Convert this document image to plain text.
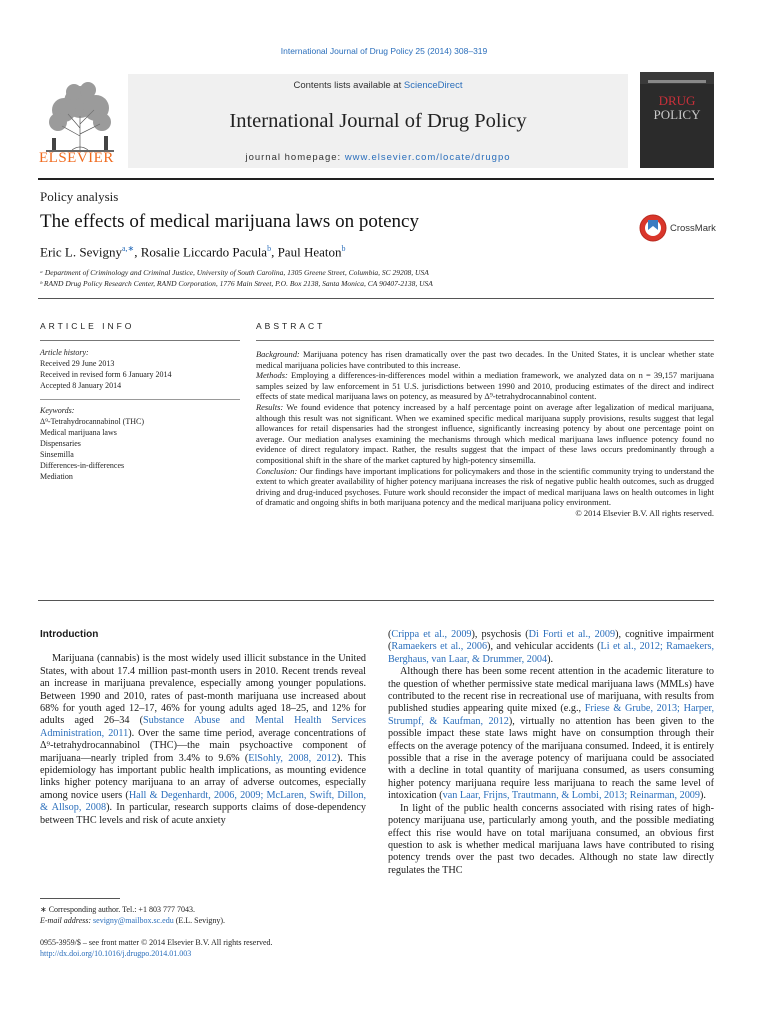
International Journal of Drug Policy 25 (2014) 308–319
ELSEVIER
Contents lists available at ScienceDirect
International Journal of Drug Policy
journal homepage: www.elsevier.com/locate/drugpo
DRUG
POLICY
Policy analysis
The effects of medical marijuana laws on potency
Eric L. Sevigny$^{a,∗}$, Rosalie Liccardo Pacula$^b$, Paul Heaton$^b$
CrossMark
ᵃ Department of Criminology and Criminal Justice, University of South Carolina, 1305 Greene Street, Columbia, SC 29208, USA
ᵇ RAND Drug Policy Research Center, RAND Corporation, 1776 Main Street, P.O. Box 2138, Santa Monica, CA 90407-2138, USA
ARTICLE INFO	ABSTRACT
Article history:
Received 29 June 2013
Received in revised form 6 January 2014
Accepted 8 January 2014
Keywords:
Δ⁹-Tetrahydrocannabinol (THC)
Medical marijuana laws
Dispensaries
Sinsemilla
Differences-in-differences
Mediation

Background: Marijuana potency has risen dramatically over the past two decades. In the United States, it is unclear whether state medical marijuana policies have contributed to this increase.

Methods: Employing a differences-in-differences model within a mediation framework, we analyzed data on n = 39,157 marijuana samples seized by law enforcement in 51 U.S. jurisdictions between 1990 and 2010, producing estimates of the direct and indirect effects of state medical marijuana laws on potency, as measured by Δ⁹-tetrahydrocannabinol content.

Results: We found evidence that potency increased by a half percentage point on average after legalization of medical marijuana, although this result was not significant. When we examined specific medical marijuana supply provisions, results suggest that legal allowances for retail dispensaries had the strongest influence, significantly increasing potency by about one percentage point on average. Our mediation analyses examining the mechanisms through which medical marijuana laws influence potency found no evidence of direct regulatory impact. Rather, the results suggest that the impact of these laws occurs predominantly through a compositional shift in the share of the market captured by high-potency sinsemilla.

Conclusion: Our findings have important implications for policymakers and those in the scientific community trying to understand the extent to which greater availability of higher potency marijuana increases the risk of negative public health outcomes, such as drugged driving and drug-induced psychoses. Future work should reconsider the impact of medical marijuana laws on health outcomes in light of dramatic and ongoing shifts in both marijuana potency and the medical marijuana policy environment.

© 2014 Elsevier B.V. All rights reserved.

Introduction

Marijuana (cannabis) is the most widely used illicit substance in the United States, with about 17.4 million past-month users in 2010. Recent trends reveal an increase in marijuana prevalence, especially among younger populations. Between 1990 and 2010, rates of past-month marijuana use increased about 68% for youth aged 12–17, 46% for young adults aged 18–25, and 12% for adults aged 26–34 (Substance Abuse and Mental Health Services Administration, 2011). Over the same time period, average concentrations of Δ⁹-tetrahydrocannabinol (THC)—the main psychoactive component of marijuana—nearly tripled from 3.4% to 9.6% (ElSohly, 2008, 2012). This epidemiology has important public health implications, as mounting evidence links higher potency marijuana to an array of adverse outcomes, especially among novice users (Hall & Degenhardt, 2006, 2009; McLaren, Swift, Dillon, & Allsop, 2008). In particular, research supports claims of dose-dependency between THC levels and risk of acute anxiety

(Crippa et al., 2009), psychosis (Di Forti et al., 2009), cognitive impairment (Ramaekers et al., 2006), and vehicular accidents (Li et al., 2012; Ramaekers, Berghaus, van Laar, & Drummer, 2004).

Although there has been some recent attention in the academic literature to the question of whether permissive state medical marijuana laws (MMLs) have contributed to the recent rise in recreational use of marijuana, with results from published studies appearing quite mixed (e.g., Friese & Grube, 2013; Harper, Strumpf, & Kaufman, 2012), virtually no attention has been given to the possible impact these state laws might have on consumption through their effects on the average potency of the marijuana consumed. Indeed, it is entirely possible that a rise in the average potency of marijuana could be associated with a decline in total quantity of marijuana consumed, as users consuming higher potency marijuana require less marijuana to reach the same level of intoxication (van Laar, Frijns, Trautmann, & Lombi, 2013; Reinarman, 2009).

In light of the public health concerns associated with rising rates of high-potency marijuana use, particularly among youth, and the possible mediating effect this rise would have on total marijuana consumed, an obvious first question to ask is whether medical marijuana laws have contributed to rising potency trends over the past two decades. Although no state law directly regulates the THC

∗ Corresponding author. Tel.: +1 803 777 7043.
E-mail address: sevigny@mailbox.sc.edu (E.L. Sevigny).
0955-3959/$ – see front matter © 2014 Elsevier B.V. All rights reserved.
http://dx.doi.org/10.1016/j.drugpo.2014.01.003
